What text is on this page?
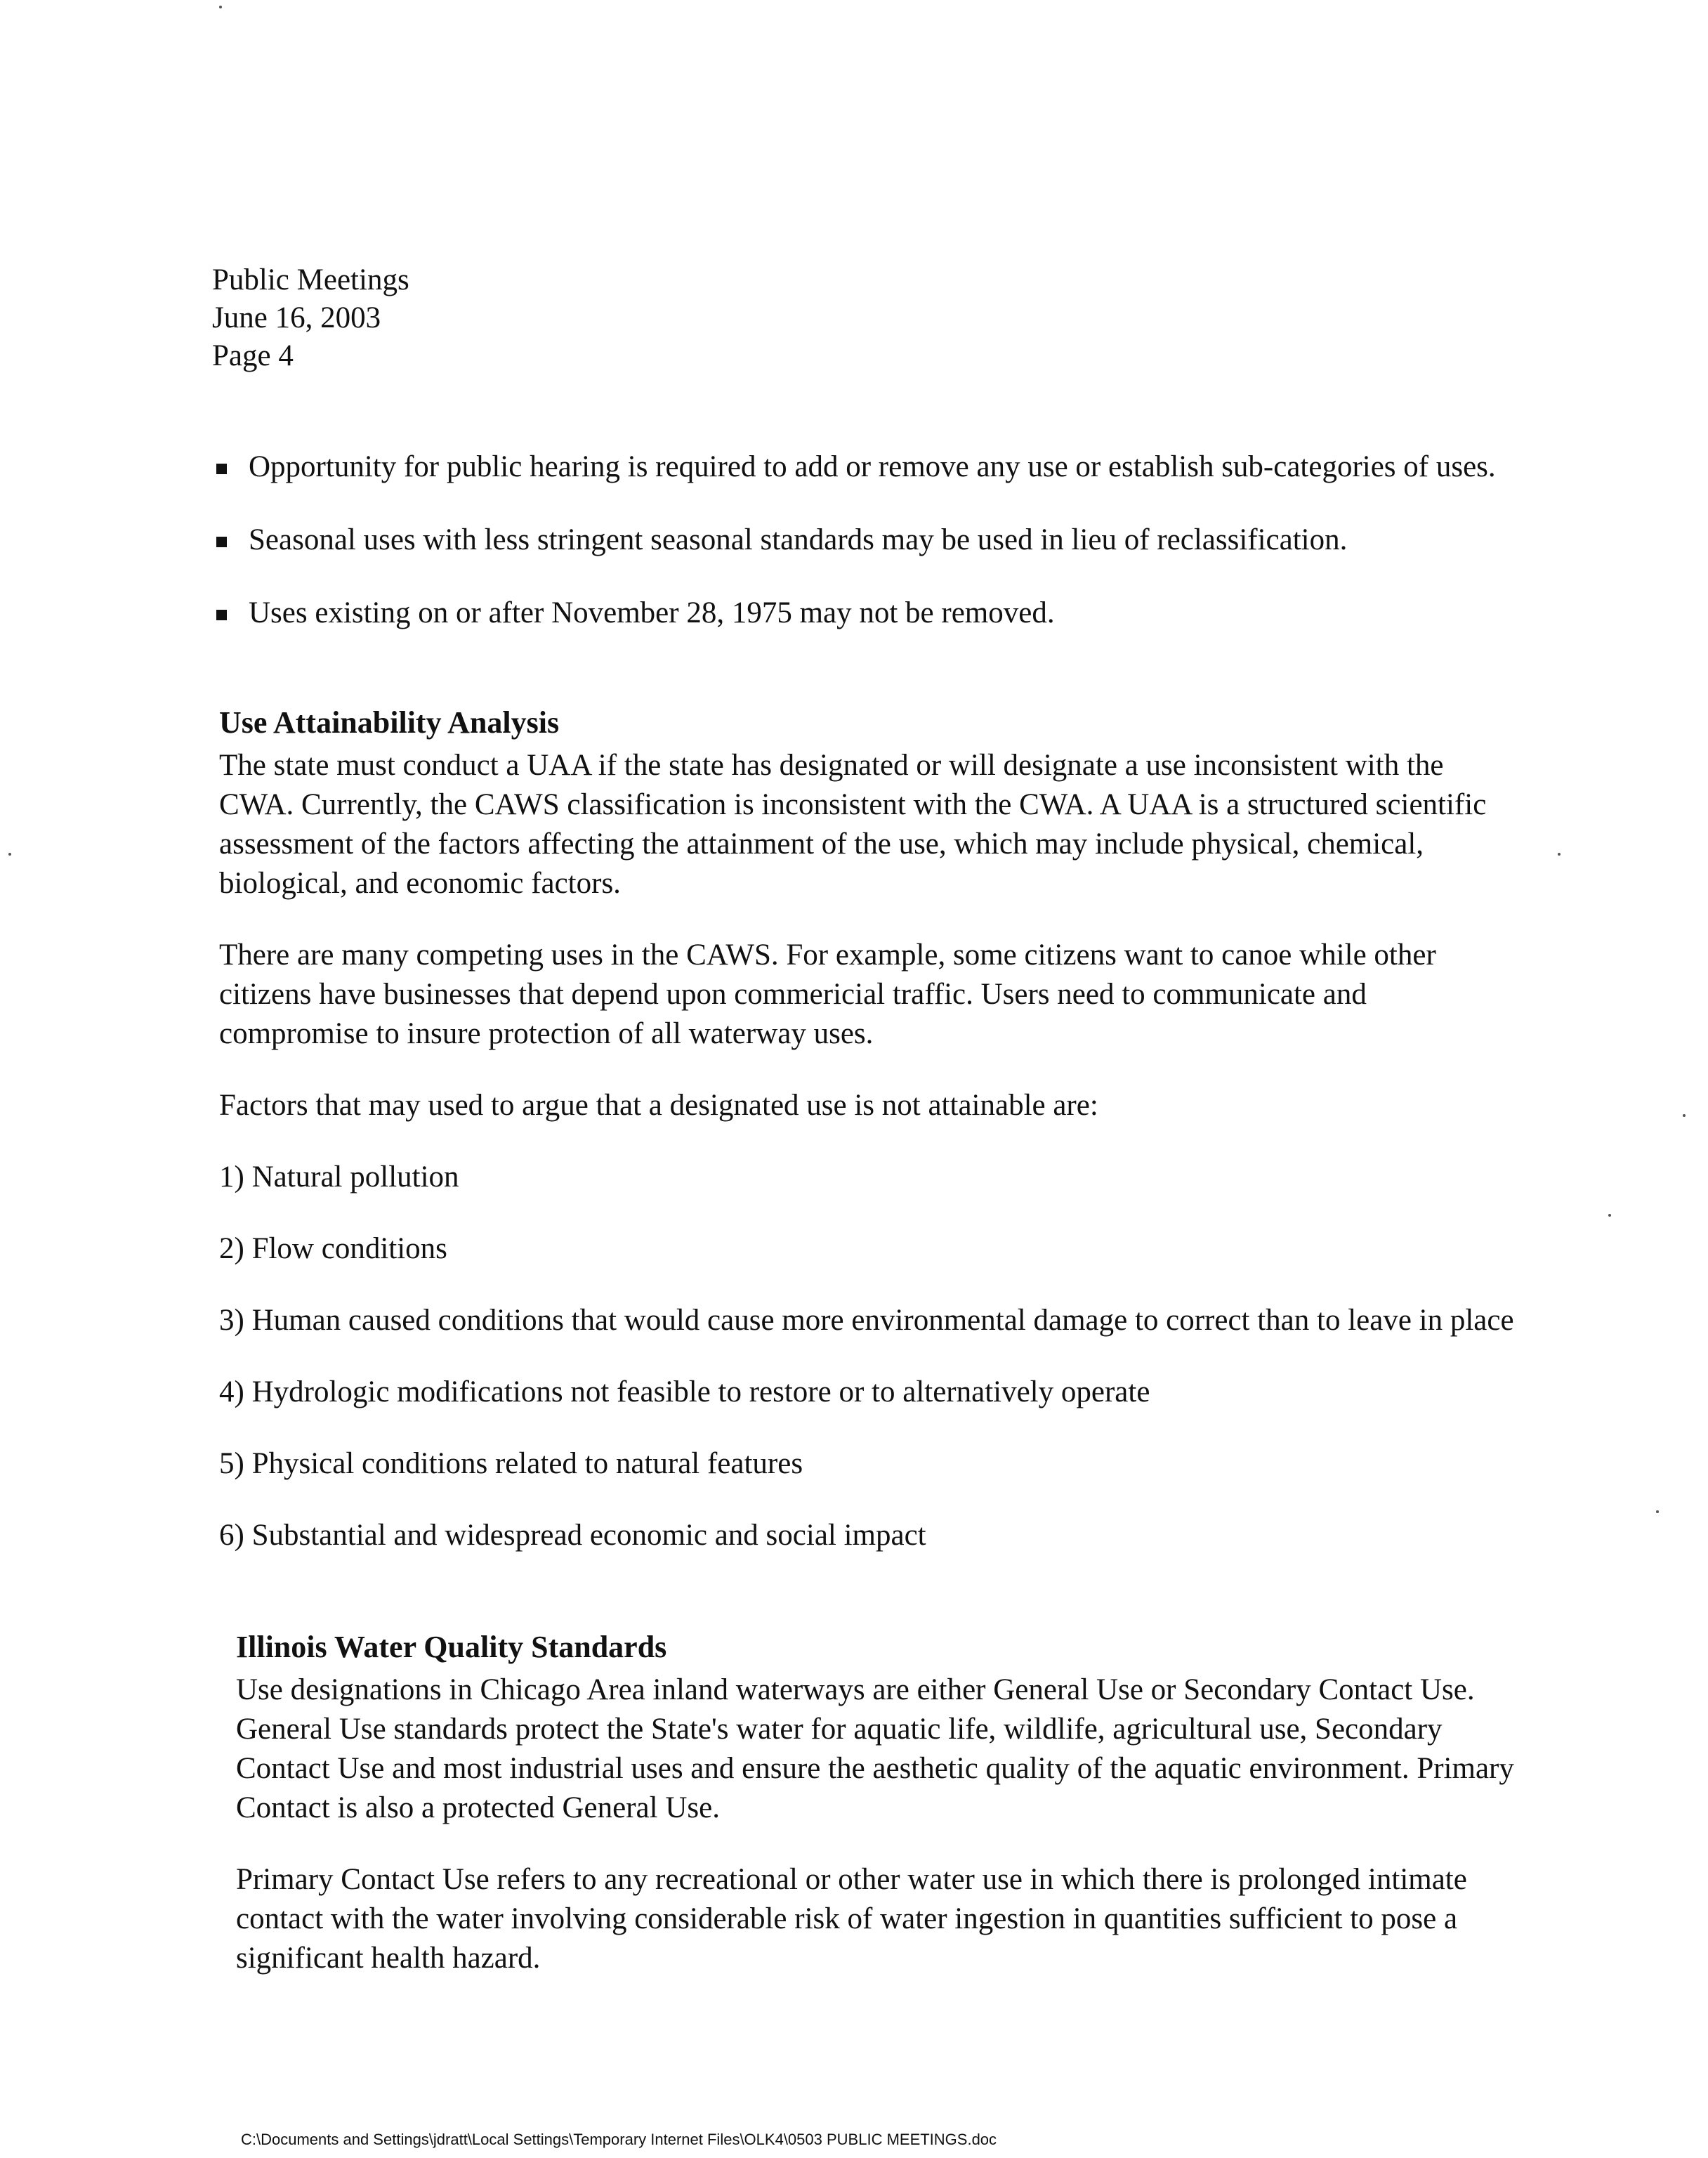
Public Meetings
June 16, 2003
Page 4
Opportunity for public hearing is required to add or remove any use or establish sub-categories of uses.
Seasonal uses with less stringent seasonal standards may be used in lieu of reclassification.
Uses existing on or after November 28, 1975 may not be removed.
Use Attainability Analysis

The state must conduct a UAA if the state has designated or will designate a use inconsistent with the CWA. Currently, the CAWS classification is inconsistent with the CWA. A UAA is a structured scientific assessment of the factors affecting the attainment of the use, which may include physical, chemical, biological, and economic factors.

There are many competing uses in the CAWS. For example, some citizens want to canoe while other citizens have businesses that depend upon commericial traffic. Users need to communicate and compromise to insure protection of all waterway uses.

Factors that may used to argue that a designated use is not attainable are:

1) Natural pollution
2) Flow conditions
3) Human caused conditions that would cause more environmental damage to correct than to leave in place
4) Hydrologic modifications not feasible to restore or to alternatively operate
5) Physical conditions related to natural features
6) Substantial and widespread economic and social impact
Illinois Water Quality Standards

Use designations in Chicago Area inland waterways are either General Use or Secondary Contact Use. General Use standards protect the State's water for aquatic life, wildlife, agricultural use, Secondary Contact Use and most industrial uses and ensure the aesthetic quality of the aquatic environment. Primary Contact is also a protected General Use.

Primary Contact Use refers to any recreational or other water use in which there is prolonged intimate contact with the water involving considerable risk of water ingestion in quantities sufficient to pose a significant health hazard.

C:\Documents and Settings\jdratt\Local Settings\Temporary Internet Files\OLK4\0503 PUBLIC MEETINGS.doc
